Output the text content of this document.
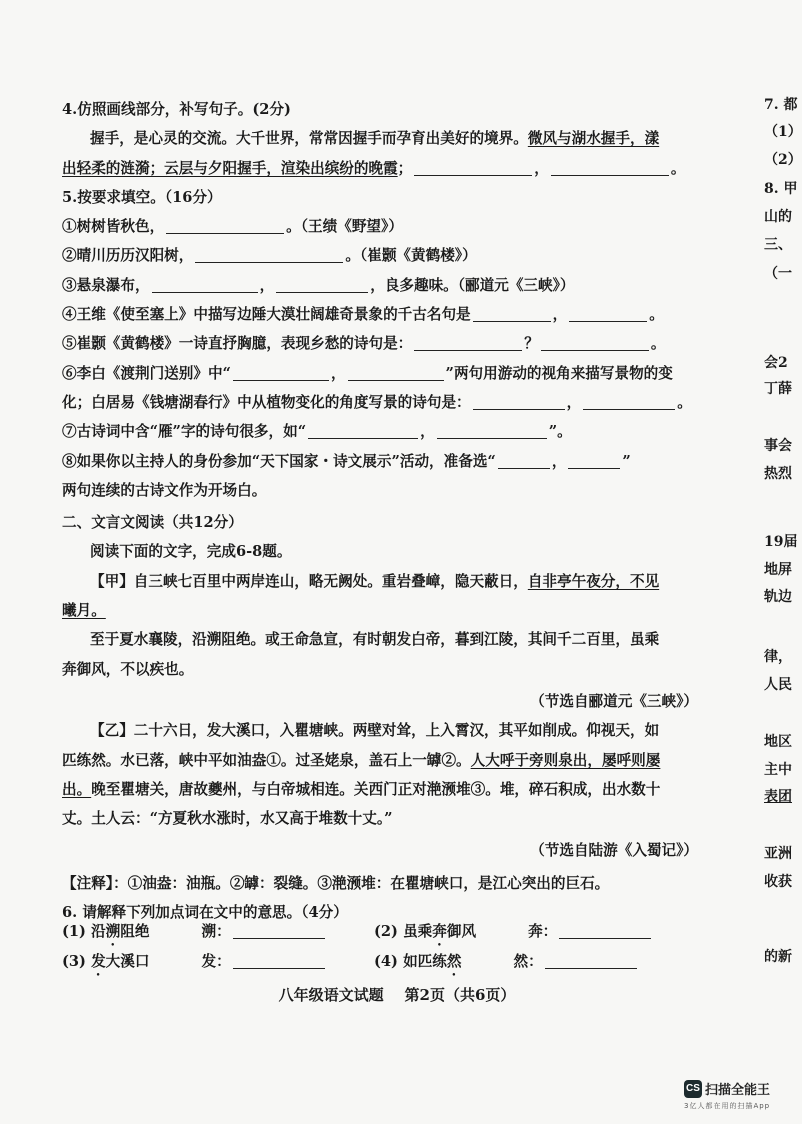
4.仿照画线部分，补写句子。(2分)
握手，是心灵的交流。大千世界，常常因握手而孕育出美好的境界。微风与湖水握手，漾
出轻柔的涟漪；云层与夕阳握手，渲染出缤纷的晚霞；	，	。
5.按要求填空。（16分）
①树树皆秋色，	。（王绩《野望》）
②晴川历历汉阳树，	。（崔颢《黄鹤楼》）
③悬泉瀑布，	，	，良多趣味。（郦道元《三峡》）
④王维《使至塞上》中描写边陲大漠壮阔雄奇景象的千古名句是	，	。
⑤崔颢《黄鹤楼》一诗直抒胸臆，表现乡愁的诗句是：	？	。
⑥李白《渡荆门送别》中“	，	”两句用游动的视角来描写景物的变
化；白居易《钱塘湖春行》中从植物变化的角度写景的诗句是：	，	。
⑦古诗词中含“雁”字的诗句很多，如“	，	”。
⑧如果你以主持人的身份参加“天下国家・诗文展示”活动，准备选“	，	”
两句连续的古诗文作为开场白。
二、文言文阅读（共12分）
阅读下面的文字，完成6-8题。
【甲】自三峡七百里中两岸连山，略无阙处。重岩叠嶂，隐天蔽日，自非亭午夜分，不见
曦月。
至于夏水襄陵，沿溯阻绝。或王命急宣，有时朝发白帝，暮到江陵，其间千二百里，虽乘
奔御风，不以疾也。
（节选自郦道元《三峡》）
【乙】二十六日，发大溪口，入瞿塘峡。两壁对耸，上入霄汉，其平如削成。仰视天，如
匹练然。水已落，峡中平如油盎①。过圣姥泉，盖石上一罅②。人大呼于旁则泉出，屡呼则屡
出。晚至瞿塘关，唐故夔州，与白帝城相连。关西门正对滟滪堆③。堆，碎石积成，出水数十
丈。土人云：“方夏秋水涨时，水又高于堆数十丈。”
（节选自陆游《入蜀记》）
【注释】：①油盎：油瓶。②罅：裂缝。③滟滪堆：在瞿塘峡口，是江心突出的巨石。
6. 请解释下列加点词在文中的意思。（4分）
(1) 沿溯阻绝	溯：	(2) 虽乘奔御风	奔：
(3) 发大溪口	发：	(4) 如匹练然	然：
八年级语文试题 第2页（共6页）
7. 都
（1）
（2）
8. 甲
山的
三、
（一
会2
丁薛
事会
热烈
19届
地屏
轨边
律，
人民
地区
主中
表团
亚洲
收获
的新
CS 扫描全能王
3亿人都在用的扫描App
